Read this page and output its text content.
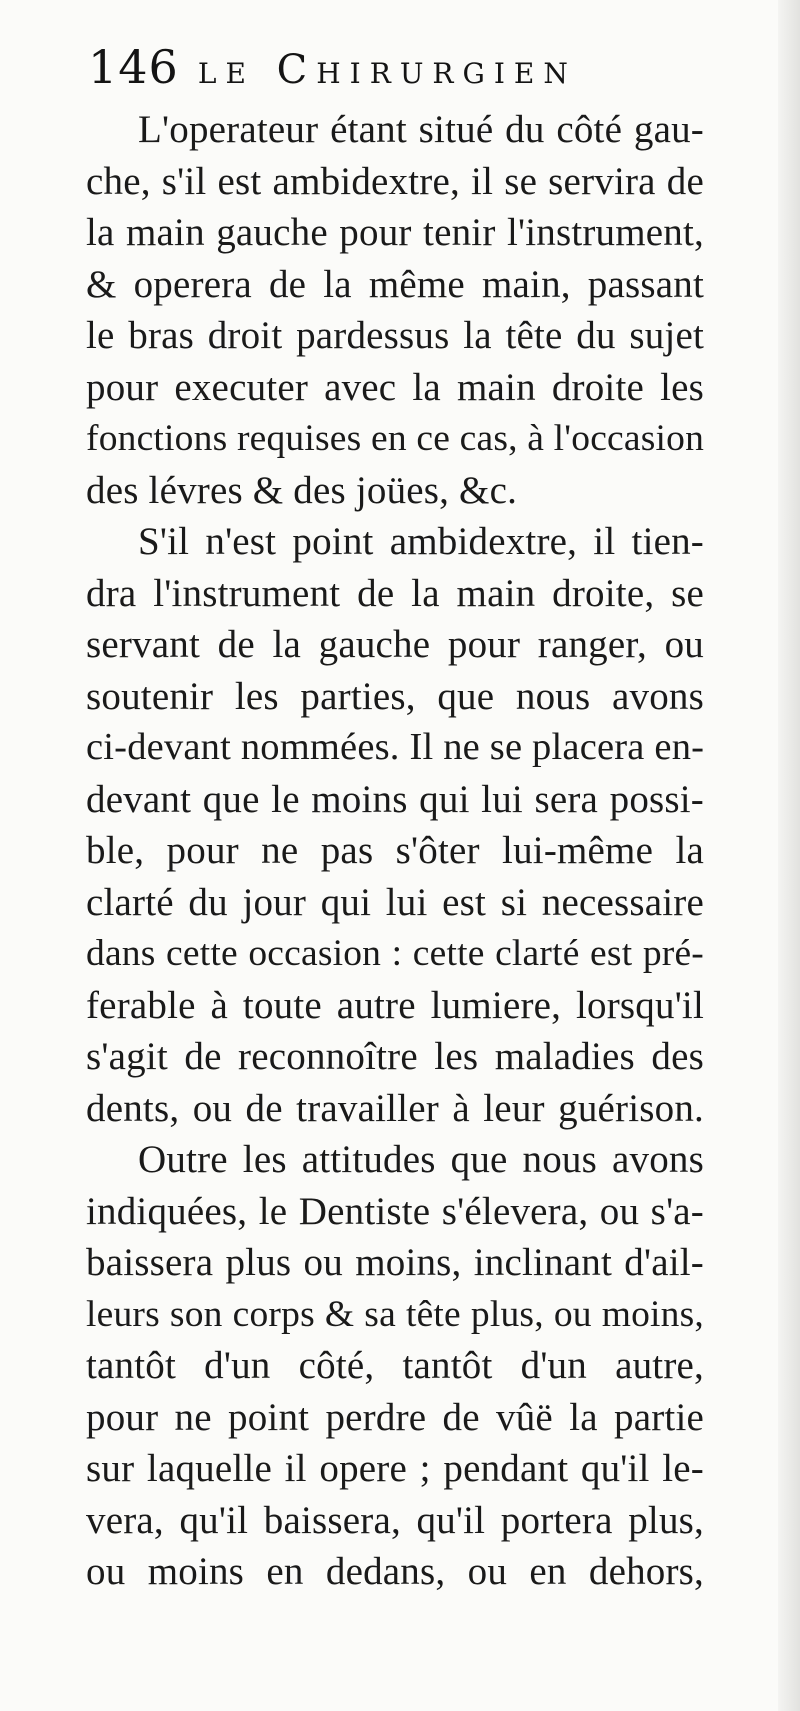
146 le Chirurgien
L'operateur étant situé du côté gau-
che, s'il est ambidextre, il se servira de
la main gauche pour tenir l'instrument,
& operera de la même main, passant
le bras droit pardessus la tête du sujet
pour executer avec la main droite les
fonctions requises en ce cas, à l'occasion
des lévres & des joües, &c.
S'il n'est point ambidextre, il tien-
dra l'instrument de la main droite, se
servant de la gauche pour ranger, ou
soutenir les parties, que nous avons
ci-devant nommées. Il ne se placera en-
devant que le moins qui lui sera possi-
ble, pour ne pas s'ôter lui-même la
clarté du jour qui lui est si necessaire
dans cette occasion : cette clarté est pré-
ferable à toute autre lumiere, lorsqu'il
s'agit de reconnoître les maladies des
dents, ou de travailler à leur guérison.
Outre les attitudes que nous avons
indiquées, le Dentiste s'élevera, ou s'a-
baissera plus ou moins, inclinant d'ail-
leurs son corps & sa tête plus, ou moins,
tantôt d'un côté, tantôt d'un autre,
pour ne point perdre de vûë la partie
sur laquelle il opere ; pendant qu'il le-
vera, qu'il baissera, qu'il portera plus,
ou moins en dedans, ou en dehors,
